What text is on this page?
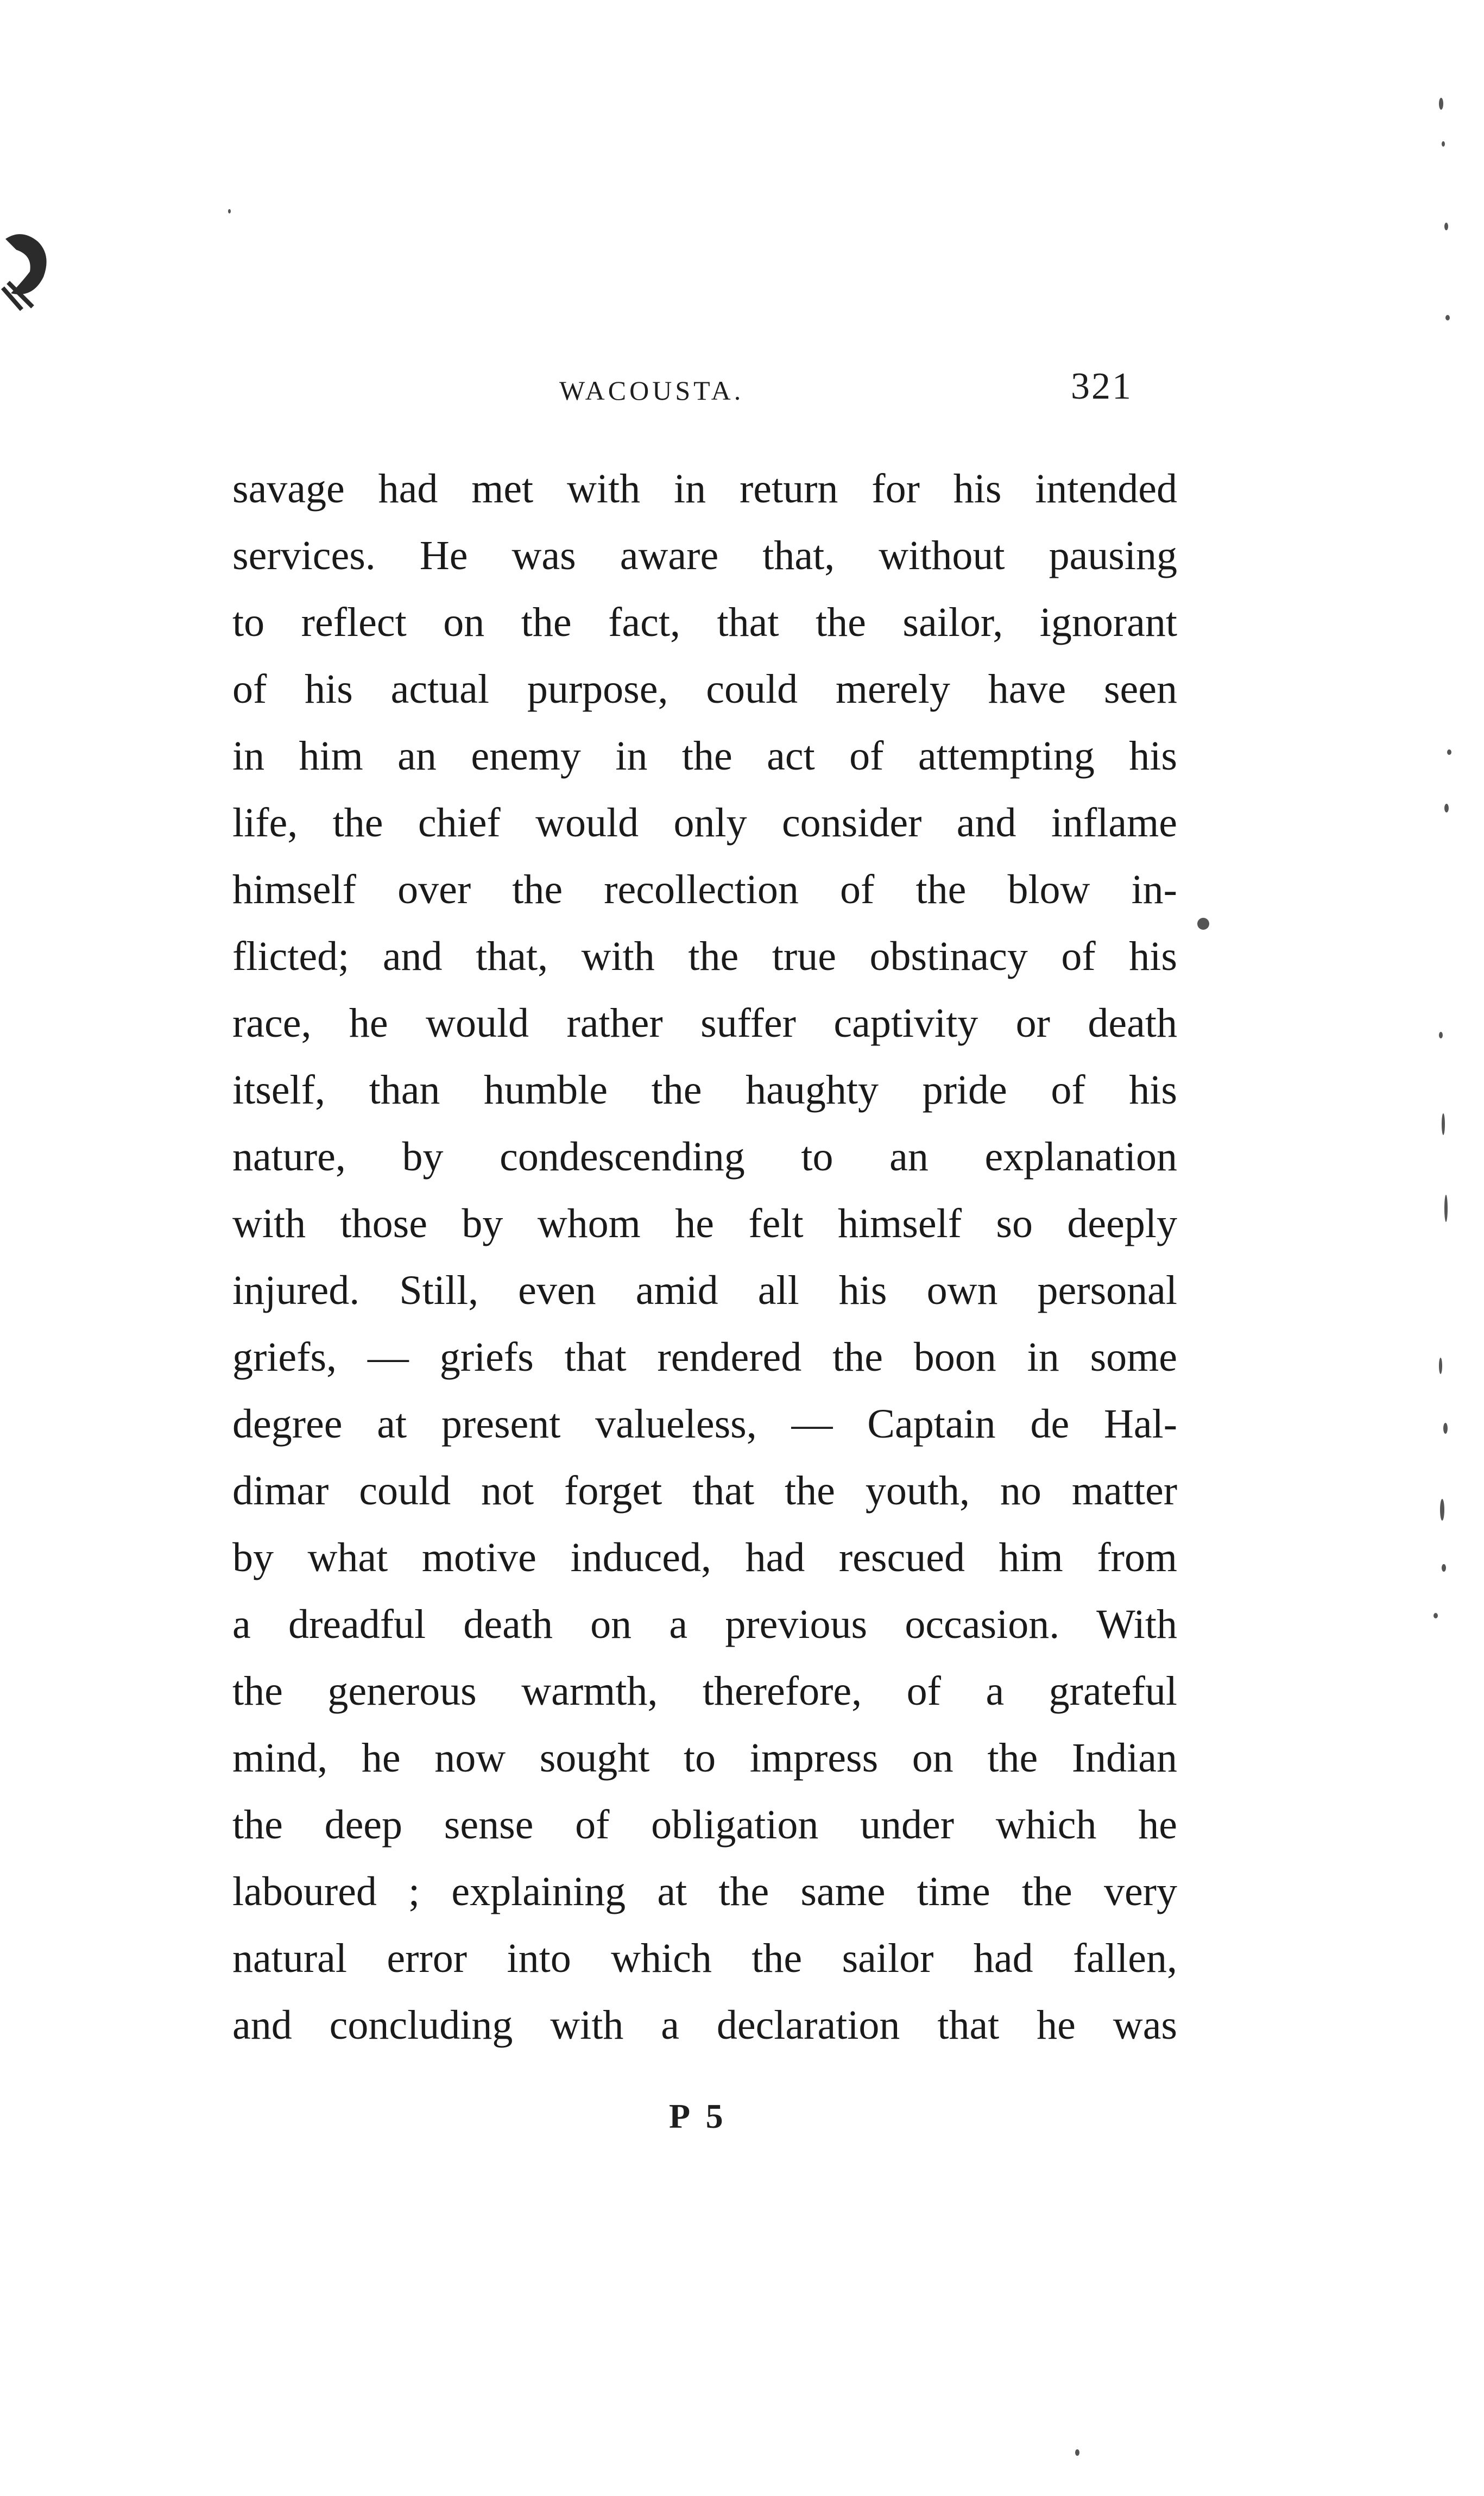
WACOUSTA.	321
savage had met with in return for his intended
services. He was aware that, without pausing
to reflect on the fact, that the sailor, ignorant
of his actual purpose, could merely have seen
in him an enemy in the act of attempting his
life, the chief would only consider and inflame
himself over the recollection of the blow in-
flicted; and that, with the true obstinacy of his
race, he would rather suffer captivity or death
itself, than humble the haughty pride of his
nature, by condescending to an explanation
with those by whom he felt himself so deeply
injured. Still, even amid all his own personal
griefs, — griefs that rendered the boon in some
degree at present valueless, — Captain de Hal-
dimar could not forget that the youth, no matter
by what motive induced, had rescued him from
a dreadful death on a previous occasion. With
the generous warmth, therefore, of a grateful
mind, he now sought to impress on the Indian
the deep sense of obligation under which he
laboured ; explaining at the same time the very
natural error into which the sailor had fallen,
and concluding with a declaration that he was
P 5
